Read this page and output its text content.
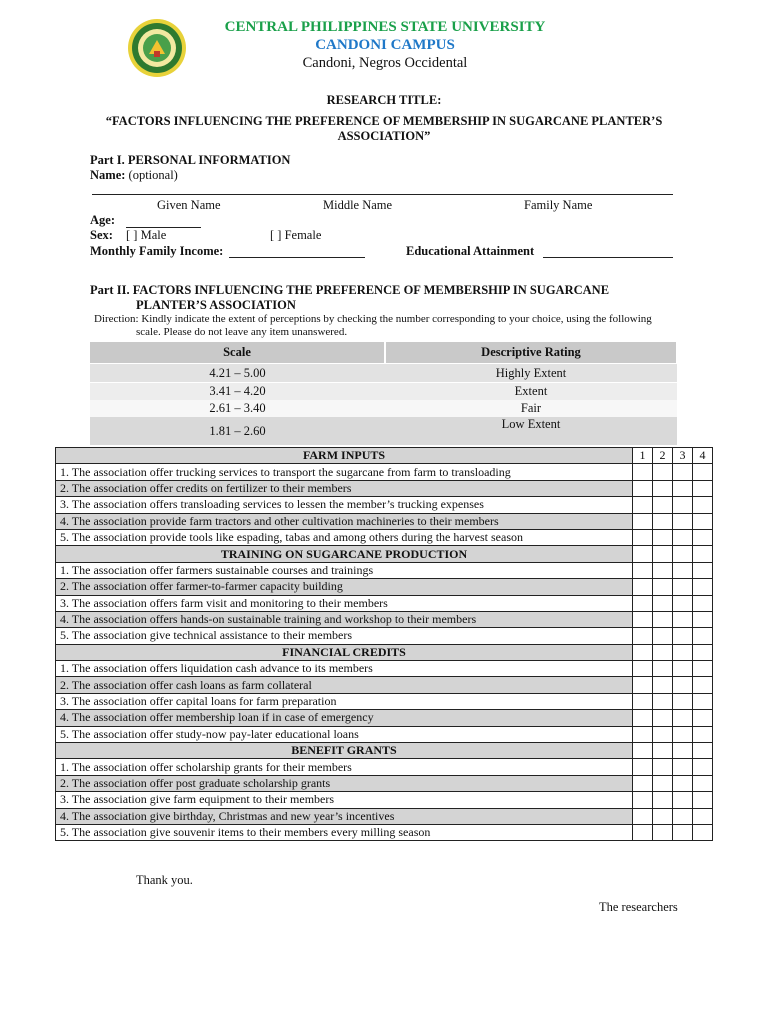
CENTRAL PHILIPPINES STATE UNIVERSITY
CANDONI CAMPUS
Candoni, Negros Occidental
RESEARCH TITLE:
“FACTORS INFLUENCING THE PREFERENCE OF MEMBERSHIP IN SUGARCANE PLANTER’S
ASSOCIATION”
Part I. PERSONAL INFORMATION
Name: (optional)
Given Name	Middle Name	Family Name
Age:
Sex: [ ] Male	[ ] Female
Monthly Family Income:	Educational Attainment
Part II. FACTORS INFLUENCING THE PREFERENCE OF MEMBERSHIP IN SUGARCANE
PLANTER’S ASSOCIATION
Direction: Kindly indicate the extent of perceptions by checking the number corresponding to your choice, using the following
scale. Please do not leave any item unanswered.
Scale	Descriptive Rating
4.21 – 5.00	Highly Extent
3.41 – 4.20	Extent
2.61 – 3.40	Fair
1.81 – 2.60	Low Extent
FARM INPUTS	1	2	3	4
1. The association offer trucking services to transport the sugarcane from farm to transloading				
2. The association offer credits on fertilizer to their members				
3. The association offers transloading services to lessen the member’s trucking expenses				
4. The association provide farm tractors and other cultivation machineries to their members				
5. The association provide tools like espading, tabas and among others during the harvest season				
TRAINING ON SUGARCANE PRODUCTION				
1. The association offer farmers sustainable courses and trainings				
2. The association offer farmer-to-farmer capacity building				
3. The association offers farm visit and monitoring to their members				
4. The association offers hands-on sustainable training and workshop to their members				
5. The association give technical assistance to their members				
FINANCIAL CREDITS				
1. The association offers liquidation cash advance to its members				
2. The association offer cash loans as farm collateral				
3. The association offer capital loans for farm preparation				
4. The association offer membership loan if in case of emergency				
5. The association offer study-now pay-later educational loans				
BENEFIT GRANTS				
1. The association offer scholarship grants for their members				
2. The association offer post graduate scholarship grants				
3. The association give farm equipment to their members				
4. The association give birthday, Christmas and new year’s incentives				
5. The association give souvenir items to their members every milling season				
Thank you.
The researchers
